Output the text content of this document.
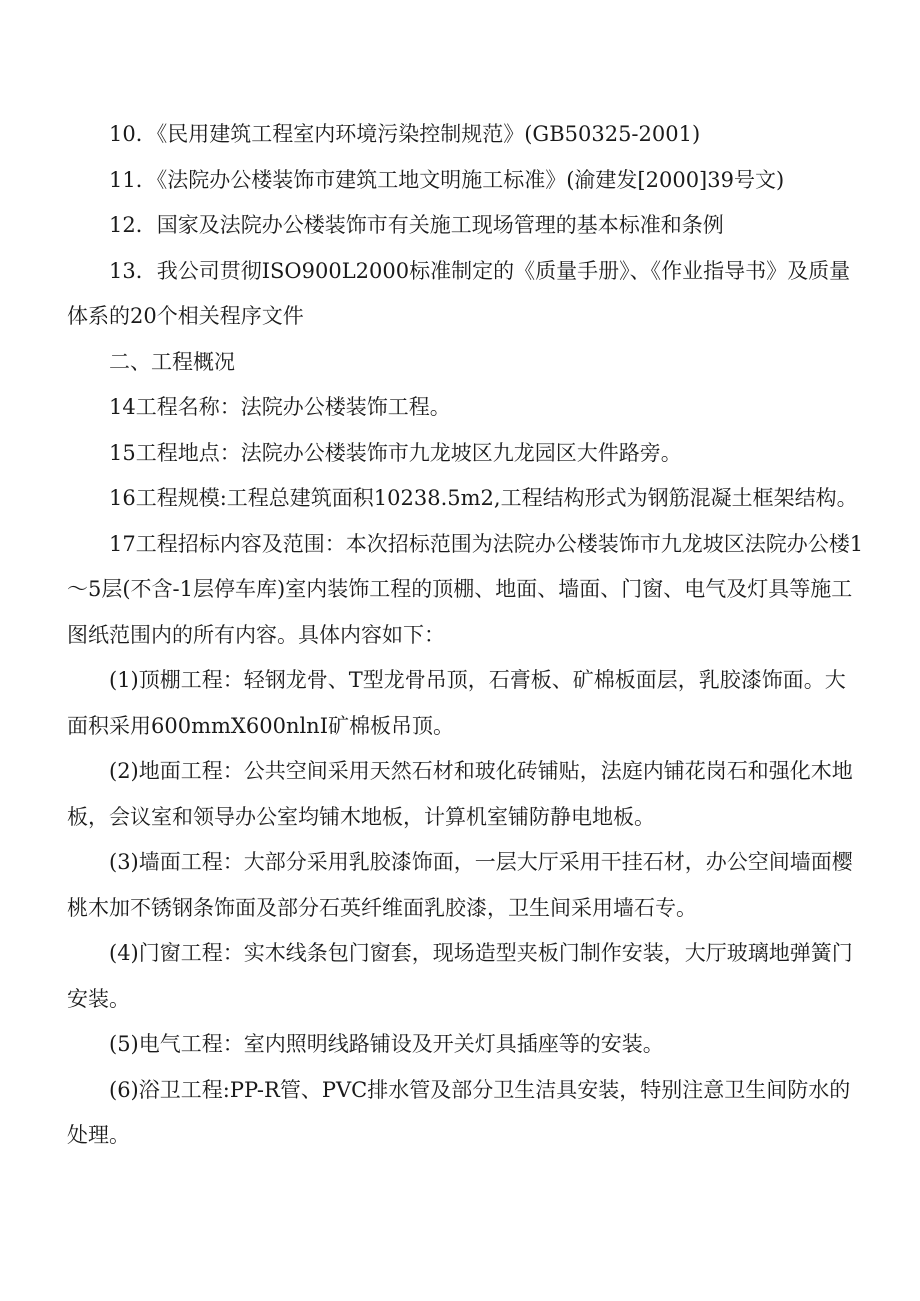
10．《民用建筑工程室内环境污染控制规范》(GB50325-2001)

11．《法院办公楼装饰市建筑工地文明施工标准》(渝建发[2000]39号文)

12．国家及法院办公楼装饰市有关施工现场管理的基本标准和条例

13．我公司贯彻ISO900L2000标准制定的《质量手册》、《作业指导书》及质量体系的20个相关程序文件

二、工程概况

14工程名称：法院办公楼装饰工程。

15工程地点：法院办公楼装饰市九龙坡区九龙园区大件路旁。

16工程规模:工程总建筑面积10238.5m2,工程结构形式为钢筋混凝土框架结构。

17工程招标内容及范围：本次招标范围为法院办公楼装饰市九龙坡区法院办公楼1～5层(不含-1层停车库)室内装饰工程的顶棚、地面、墙面、门窗、电气及灯具等施工图纸范围内的所有内容。具体内容如下：

(1)顶棚工程：轻钢龙骨、T型龙骨吊顶，石膏板、矿棉板面层，乳胶漆饰面。大面积采用600mmX600nlnI矿棉板吊顶。

(2)地面工程：公共空间采用天然石材和玻化砖铺贴，法庭内铺花岗石和强化木地板，会议室和领导办公室均铺木地板，计算机室铺防静电地板。

(3)墙面工程：大部分采用乳胶漆饰面，一层大厅采用干挂石材，办公空间墙面樱桃木加不锈钢条饰面及部分石英纤维面乳胶漆，卫生间采用墙石专。

(4)门窗工程：实木线条包门窗套，现场造型夹板门制作安装，大厅玻璃地弹簧门安装。

(5)电气工程：室内照明线路铺设及开关灯具插座等的安装。

(6)浴卫工程:PP-R管、PVC排水管及部分卫生洁具安装，特别注意卫生间防水的处理。
